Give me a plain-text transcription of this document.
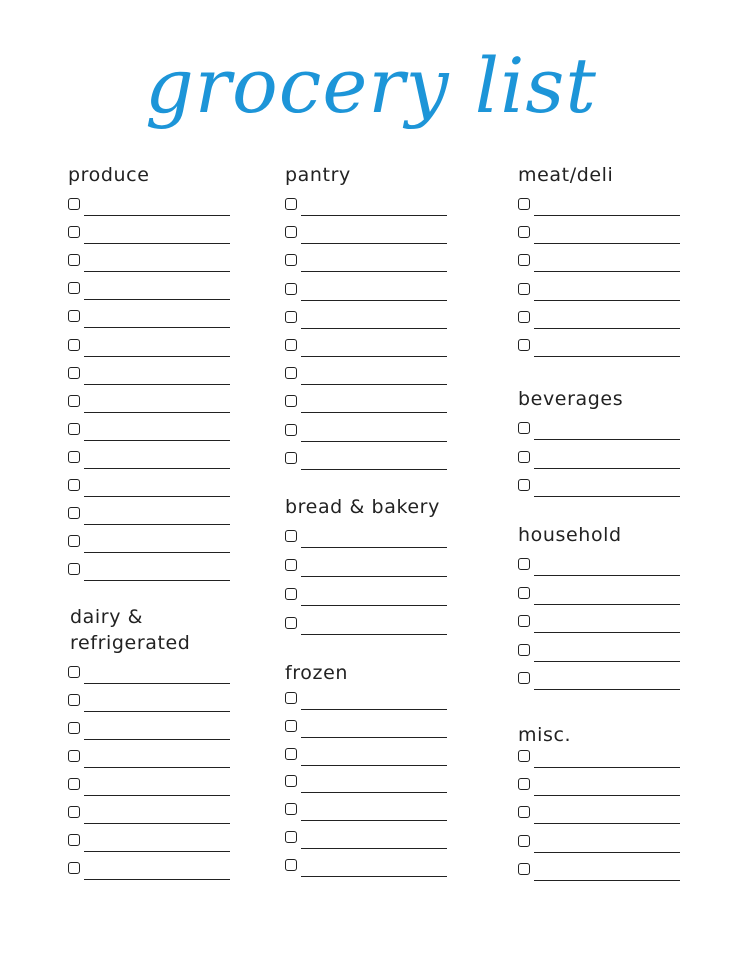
grocery list
produce
dairy & refrigerated
pantry
bread & bakery
frozen
meat/deli
beverages
household
misc.
